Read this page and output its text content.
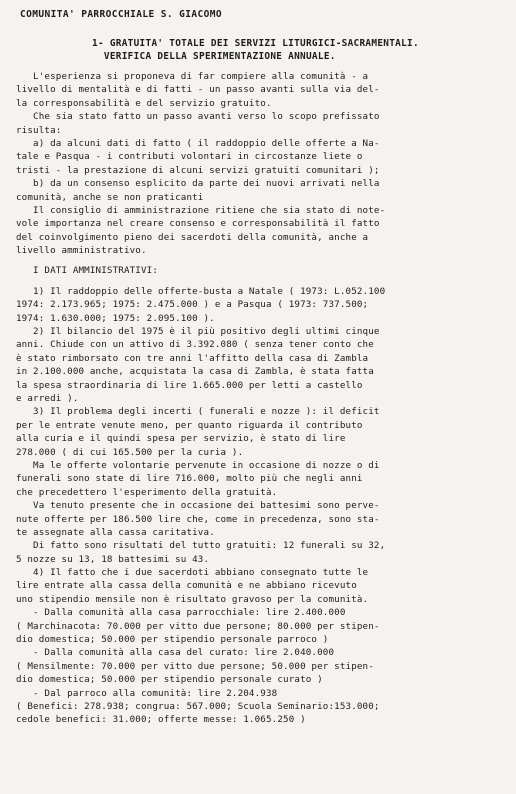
COMUNITA' PARROCCHIALE S. GIACOMO
1- GRATUITA' TOTALE DEI SERVIZI LITURGICI-SACRAMENTALI.
VERIFICA DELLA SPERIMENTAZIONE ANNUALE.
L'esperienza si proponeva di far compiere alla comunità - a
livello di mentalità e di fatti - un passo avanti sulla via del-
la corresponsabilità e del servizio gratuito.
Che sia stato fatto un passo avanti verso lo scopo prefissato
risulta:
a) da alcuni dati di fatto ( il raddoppio delle offerte a Na-
tale e Pasqua - i contributi volontari in circostanze liete o
tristi - la prestazione di alcuni servizi gratuiti comunitari );
b) da un consenso esplicito da parte dei nuovi arrivati nella
comunità, anche se non praticanti
Il consiglio di amministrazione ritiene che sia stato di note-
vole importanza nel creare consenso e corresponsabilità il fatto
del coinvolgimento pieno dei sacerdoti della comunità, anche a
livello amministrativo.
I DATI AMMINISTRATIVI:
1) Il raddoppio delle offerte-busta a Natale ( 1973: L.052.100
1974: 2.173.965; 1975: 2.475.000 ) e a Pasqua ( 1973: 737.500;
1974: 1.630.000; 1975: 2.095.100 ).
2) Il bilancio del 1975 è il più positivo degli ultimi cinque
anni. Chiude con un attivo di 3.392.080 ( senza tener conto che
è stato rimborsato con tre anni l'affitto della casa di Zambla
in 2.100.000 anche, acquistata la casa di Zambla, è stata fatta
la spesa straordinaria di lire 1.665.000 per letti a castello
e arredi ).
3) Il problema degli incerti ( funerali e nozze ): il deficit
per le entrate venute meno, per quanto riguarda il contributo
alla curia e il quindi spesa per servizio, è stato di lire
278.000 ( di cui 165.500 per la curia ).
Ma le offerte volontarie pervenute in occasione di nozze o di
funerali sono state di lire 716.000, molto più che negli anni
che precedettero l'esperimento della gratuità.
Va tenuto presente che in occasione dei battesimi sono perve-
nute offerte per 186.500 lire che, come in precedenza, sono sta-
te assegnate alla cassa caritativa.
Di fatto sono risultati del tutto gratuiti: 12 funerali su 32,
5 nozze su 13, 18 battesimi su 43.
4) Il fatto che i due sacerdoti abbiano consegnato tutte le
lire entrate alla cassa della comunità e ne abbiano ricevuto
uno stipendio mensile non è risultato gravoso per la comunità.
- Dalla comunità alla casa parrocchiale: lire 2.400.000
( Marchinacota: 70.000 per vitto due persone; 80.000 per stipen-
dio domestica; 50.000 per stipendio personale parroco )
- Dalla comunità alla casa del curato: lire 2.040.000
( Mensilmente: 70.000 per vitto due persone; 50.000 per stipen-
dio domestica; 50.000 per stipendio personale curato )
- Dal parroco alla comunità: lire 2.204.938
( Benefici: 278.938; congrua: 567.000; Scuola Seminario:153.000;
cedole benefici: 31.000; offerte messe: 1.065.250 )
